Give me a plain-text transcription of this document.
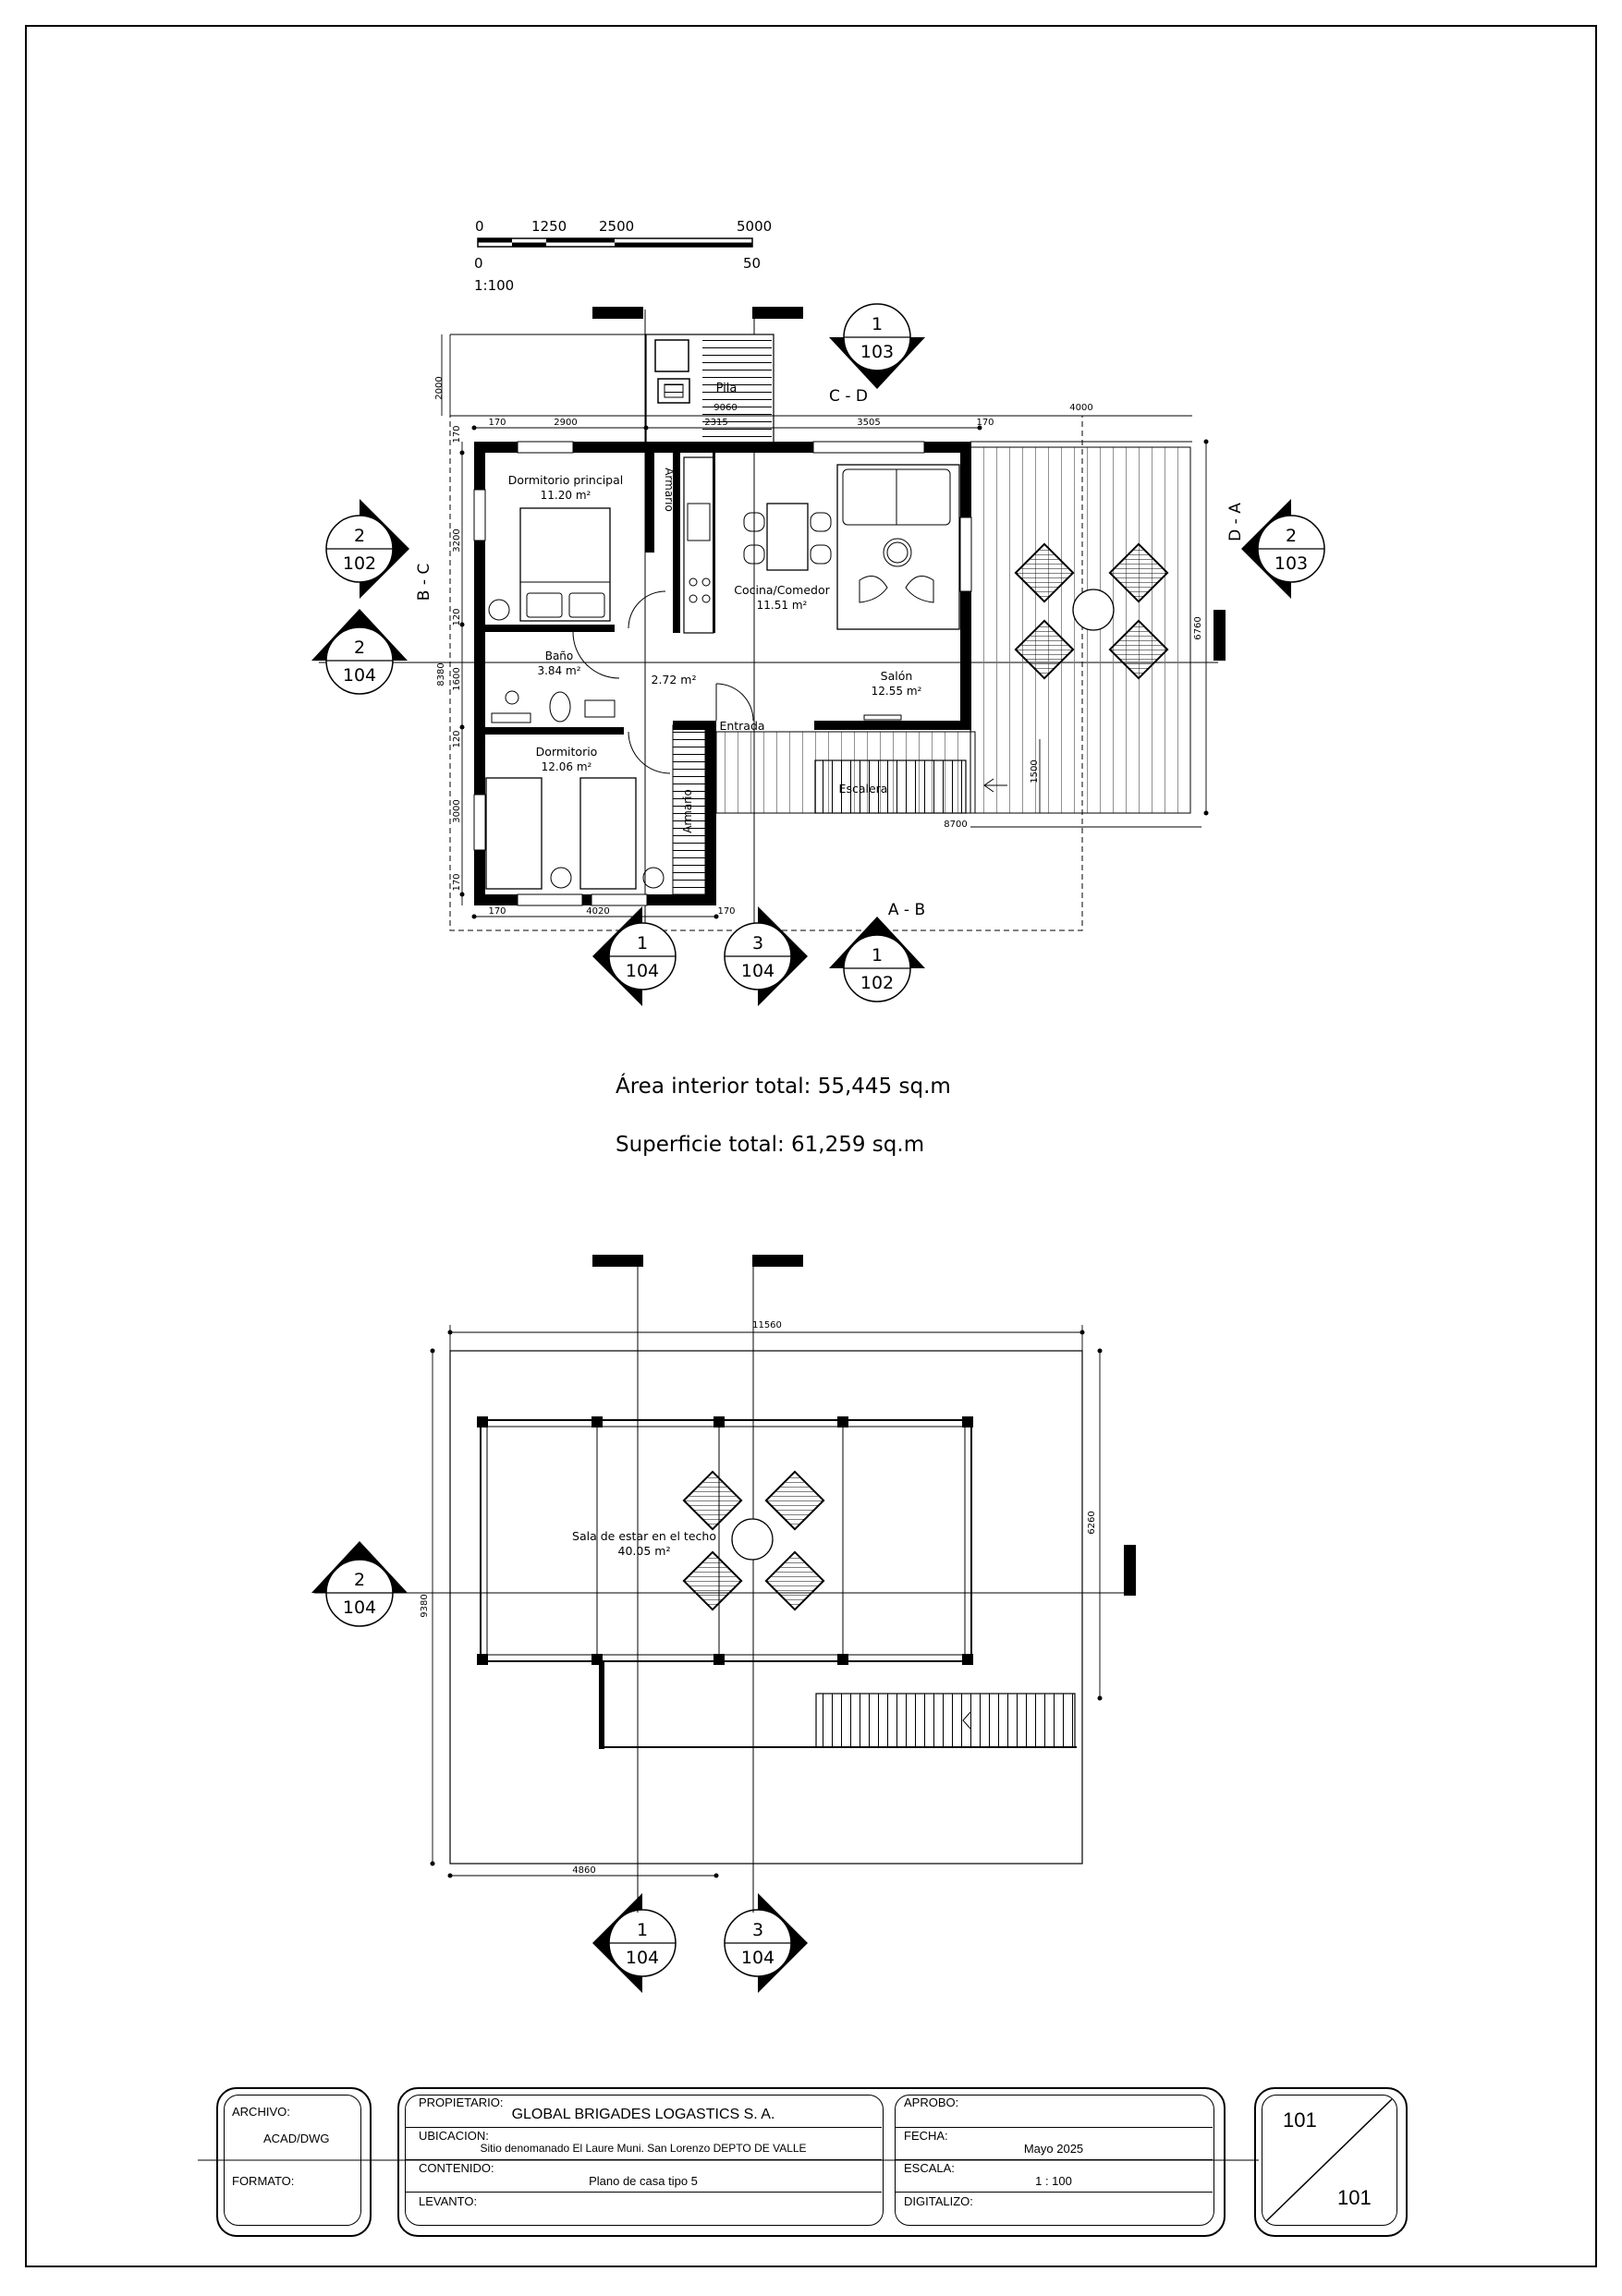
0	1250 2500	5000
0	50
1:100
Dormitorio principal
11.20 m²
Cocina/Comedor
11.51 m²
Baño
3.84 m²
2.72 m²	Salón
12.55 m²
Dormitorio
12.06 m²
Pila
Entrada
Escalera
Armario
Armario
2000
9060	4000
170	2900	2315	3505	170
170
3200
120
1600
8380
120
3000
170
170	4020	170
6760
1500
8700
C - D
D - A
B - C
A - B
1
103
2
103
2
102
2
104
1
104
3
104
1
102
2
104
1
104
3
104
11560
6260
9380
4860
Sala de estar en el techo
40.05 m²
Área interior total: 55,445 sq.m
Superficie total: 61,259 sq.m
ARCHIVO:
ACAD/DWG
FORMATO:
PROPIETARIO:
GLOBAL BRIGADES LOGASTICS S. A.
UBICACION:
Sitio denomanado El Laure Muni. San Lorenzo DEPTO DE VALLE
CONTENIDO:
Plano de casa tipo 5
LEVANTO:
APROBO:
FECHA:
Mayo 2025
ESCALA:
1 : 100
DIGITALIZO:
101
101
